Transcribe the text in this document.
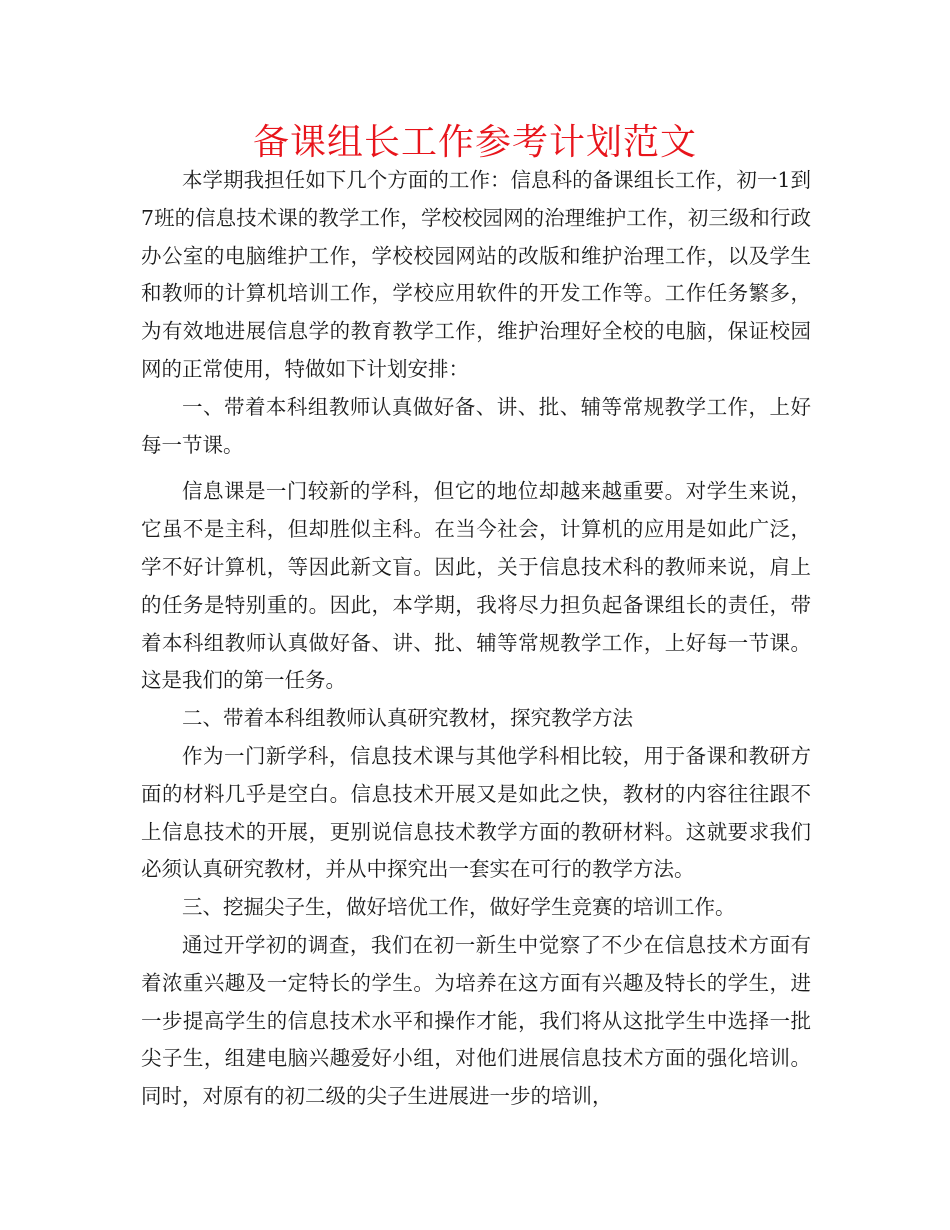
备课组长工作参考计划范文

本学期我担任如下几个方面的工作：信息科的备课组长工作，初一1到7班的信息技术课的教学工作，学校校园网的治理维护工作，初三级和行政办公室的电脑维护工作，学校校园网站的改版和维护治理工作，以及学生和教师的计算机培训工作，学校应用软件的开发工作等。工作任务繁多，为有效地进展信息学的教育教学工作，维护治理好全校的电脑，保证校园网的正常使用，特做如下计划安排：

一、带着本科组教师认真做好备、讲、批、辅等常规教学工作，上好每一节课。

信息课是一门较新的学科，但它的地位却越来越重要。对学生来说，它虽不是主科，但却胜似主科。在当今社会，计算机的应用是如此广泛，学不好计算机，等因此新文盲。因此，关于信息技术科的教师来说，肩上的任务是特别重的。因此，本学期，我将尽力担负起备课组长的责任，带着本科组教师认真做好备、讲、批、辅等常规教学工作，上好每一节课。这是我们的第一任务。

二、带着本科组教师认真研究教材，探究教学方法

作为一门新学科，信息技术课与其他学科相比较，用于备课和教研方面的材料几乎是空白。信息技术开展又是如此之快，教材的内容往往跟不上信息技术的开展，更别说信息技术教学方面的教研材料。这就要求我们必须认真研究教材，并从中探究出一套实在可行的教学方法。

三、挖掘尖子生，做好培优工作，做好学生竞赛的培训工作。

通过开学初的调查，我们在初一新生中觉察了不少在信息技术方面有着浓重兴趣及一定特长的学生。为培养在这方面有兴趣及特长的学生，进一步提高学生的信息技术水平和操作才能，我们将从这批学生中选择一批尖子生，组建电脑兴趣爱好小组，对他们进展信息技术方面的强化培训。同时，对原有的初二级的尖子生进展进一步的培训，
